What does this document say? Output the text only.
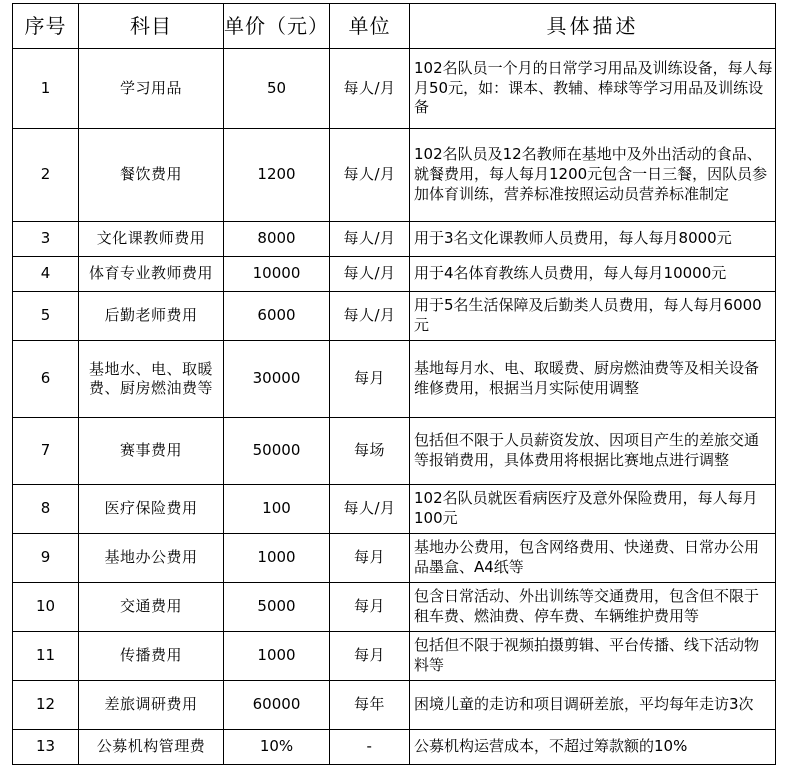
序号	科目	单价（元）	单位	具体描述
1	学习用品	50	每人/月	102名队员一个月的日常学习用品及训练设备，每人每月50元，如：课本、教辅、棒球等学习用品及训练设备
2	餐饮费用	1200	每人/月	102名队员及12名教师在基地中及外出活动的食品、就餐费用，每人每月1200元包含一日三餐，因队员参加体育训练，营养标准按照运动员营养标准制定
3	文化课教师费用	8000	每人/月	用于3名文化课教师人员费用，每人每月8000元
4	体育专业教师费用	10000	每人/月	用于4名体育教练人员费用，每人每月10000元
5	后勤老师费用	6000	每人/月	用于5名生活保障及后勤类人员费用，每人每月6000元
6	基地水、电、取暖费、厨房燃油费等	30000	每月	基地每月水、电、取暖费、厨房燃油费等及相关设备维修费用，根据当月实际使用调整
7	赛事费用	50000	每场	包括但不限于人员薪资发放、因项目产生的差旅交通等报销费用，具体费用将根据比赛地点进行调整
8	医疗保险费用	100	每人/月	102名队员就医看病医疗及意外保险费用，每人每月100元
9	基地办公费用	1000	每月	基地办公费用，包含网络费用、快递费、日常办公用品墨盒、A4纸等
10	交通费用	5000	每月	包含日常活动、外出训练等交通费用，包含但不限于租车费、燃油费、停车费、车辆维护费用等
11	传播费用	1000	每月	包括但不限于视频拍摄剪辑、平台传播、线下活动物料等
12	差旅调研费用	60000	每年	困境儿童的走访和项目调研差旅，平均每年走访3次
13	公募机构管理费	10%	-	公募机构运营成本，不超过筹款额的10%
